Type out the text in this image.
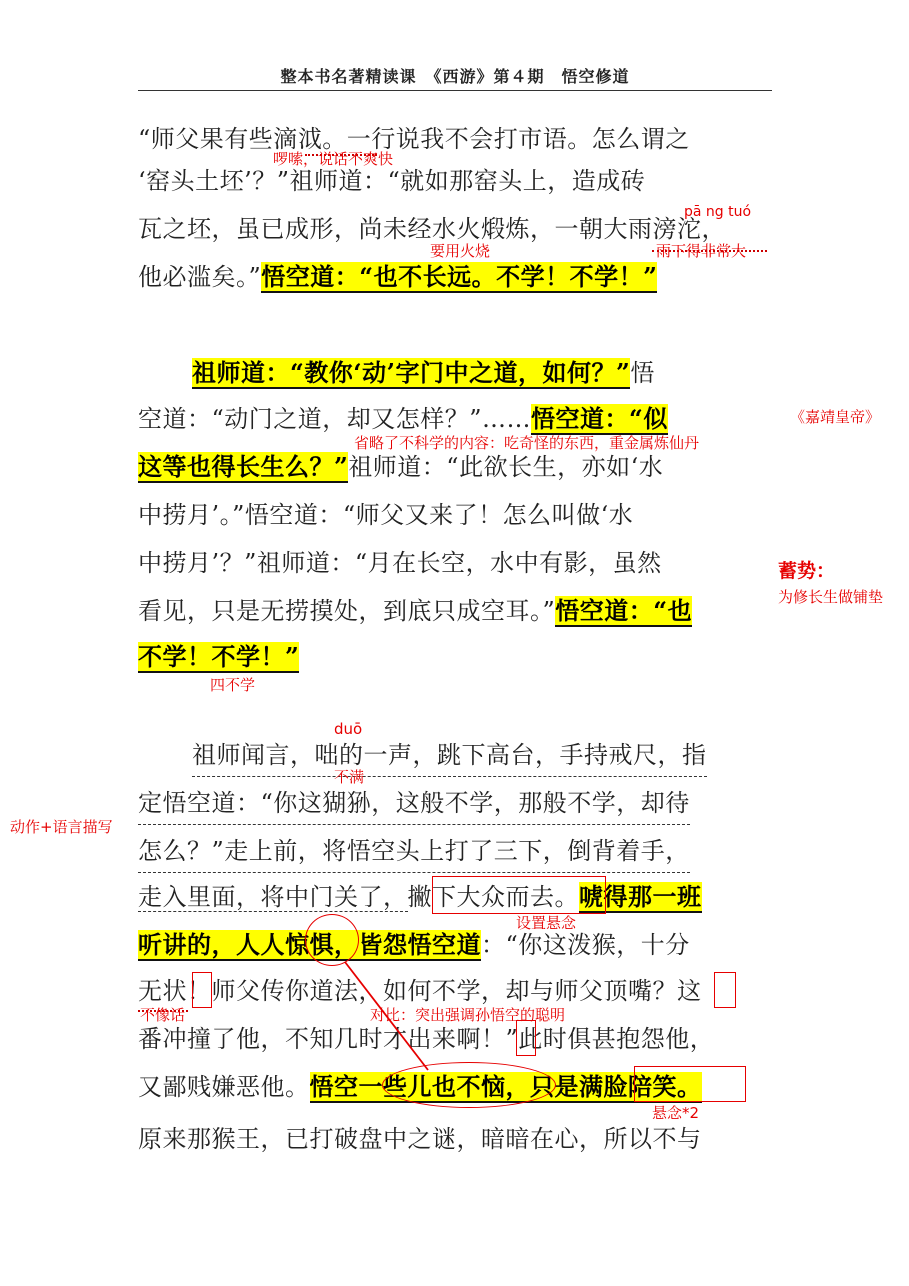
整本书名著精读课　《西游》第４期　悟空修道
“师父果有些滴泧。一行说我不会打市语。怎么谓之
‘窑头土坯’？”祖师道：“就如那窑头上，造成砖
瓦之坯，虽已成形，尚未经水火煅炼，一朝大雨滂沱，
他必滥矣。”悟空道：“也不长远。不学！不学！”
祖师道：“教你‘动’字门中之道，如何？”悟
空道：“动门之道，却又怎样？”……悟空道：“似
这等也得长生么？”祖师道：“此欲长生，亦如‘水
中捞月’。”悟空道：“师父又来了！怎么叫做‘水
中捞月’？”祖师道：“月在长空，水中有影，虽然
看见，只是无捞摸处，到底只成空耳。”悟空道：“也
不学！不学！”
祖师闻言，咄的一声，跳下高台，手持戒尺，指
定悟空道：“你这猢狲，这般不学，那般不学，却待
怎么？”走上前，将悟空头上打了三下，倒背着手，
走入里面，将中门关了，撇下大众而去。唬得那一班
听讲的，人人惊惧，皆怨悟空道：“你这泼猴，十分
无状！师父传你道法，如何不学，却与师父顶嘴？这
番冲撞了他，不知几时才出来啊！”此时俱甚抱怨他，
又鄙贱嫌恶他。悟空一些儿也不恼，只是满脸陪笑。
原来那猴王，已打破盘中之谜，暗暗在心，所以不与
啰嗦，说话不爽快
pā ng tuó
要用火烧	雨下得非常大
《嘉靖皇帝》
省略了不科学的内容：吃奇怪的东西，重金属炼仙丹
蓄势：
为修长生做铺垫
四不学
duō
不满
动作+语言描写
设置悬念
不像话	对比：突出强调孙悟空的聪明
悬念*2
